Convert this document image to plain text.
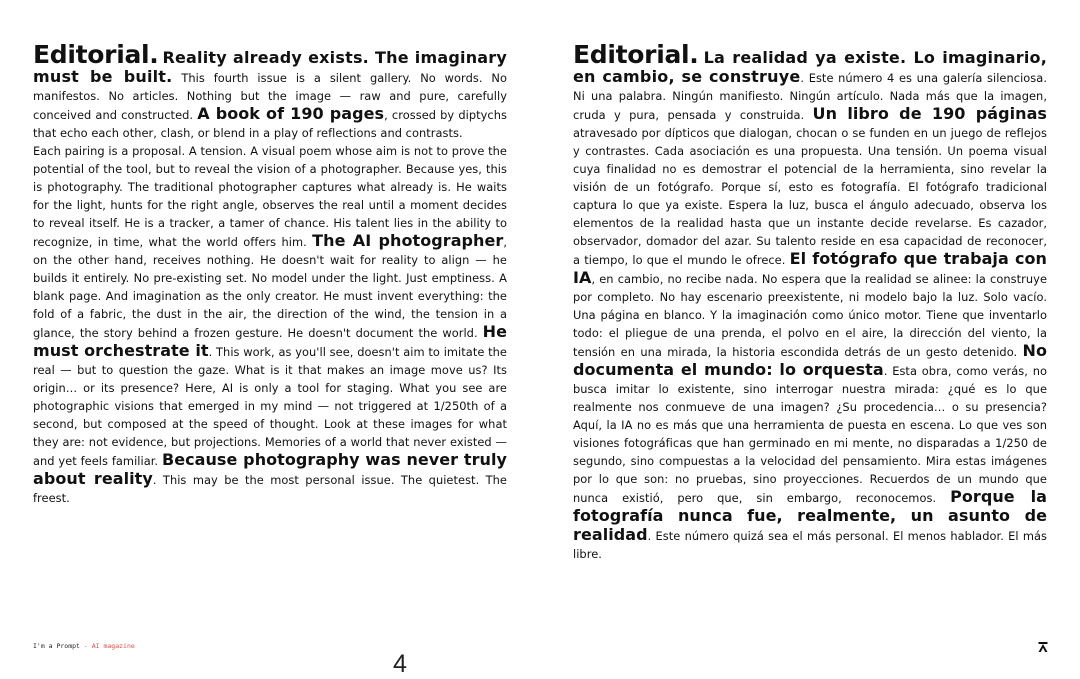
Editorial. Reality already exists. The imaginary must be built. This fourth issue is a silent gallery. No words. No manifestos. No articles. Nothing but the image — raw and pure, carefully conceived and constructed. A book of 190 pages, crossed by diptychs that echo each other, clash, or blend in a play of reflections and contrasts.

Each pairing is a proposal. A tension. A visual poem whose aim is not to prove the potential of the tool, but to reveal the vision of a photographer. Because yes, this is photography. The traditional photographer captures what already is. He waits for the light, hunts for the right angle, observes the real until a moment decides to reveal itself. He is a tracker, a tamer of chance. His talent lies in the ability to recognize, in time, what the world offers him. The AI photographer, on the other hand, receives nothing. He doesn't wait for reality to align — he builds it entirely. No pre-existing set. No model under the light. Just emptiness. A blank page. And imagination as the only creator. He must invent everything: the fold of a fabric, the dust in the air, the direction of the wind, the tension in a glance, the story behind a frozen gesture. He doesn't document the world. He must orchestrate it. This work, as you'll see, doesn't aim to imitate the real — but to question the gaze. What is it that makes an image move us? Its origin… or its presence? Here, AI is only a tool for staging. What you see are photographic visions that emerged in my mind — not triggered at 1/250th of a second, but composed at the speed of thought. Look at these images for what they are: not evidence, but projections. Memories of a world that never existed — and yet feels familiar. Because photography was never truly about reality. This may be the most personal issue. The quietest. The freest.

Editorial. La realidad ya existe. Lo imaginario, en cambio, se construye. Este número 4 es una galería silenciosa. Ni una palabra. Ningún manifiesto. Ningún artículo. Nada más que la imagen, cruda y pura, pensada y construida. Un libro de 190 páginas atravesado por dípticos que dialogan, chocan o se funden en un juego de reflejos y contrastes. Cada asociación es una propuesta. Una tensión. Un poema visual cuya finalidad no es demostrar el potencial de la herramienta, sino revelar la visión de un fotógrafo. Porque sí, esto es fotografía. El fotógrafo tradicional captura lo que ya existe. Espera la luz, busca el ángulo adecuado, observa los elementos de la realidad hasta que un instante decide revelarse. Es cazador, observador, domador del azar. Su talento reside en esa capacidad de reconocer, a tiempo, lo que el mundo le ofrece. El fotógrafo que trabaja con IA, en cambio, no recibe nada. No espera que la realidad se alinee: la construye por completo. No hay escenario preexistente, ni modelo bajo la luz. Solo vacío. Una página en blanco. Y la imaginación como único motor. Tiene que inventarlo todo: el pliegue de una prenda, el polvo en el aire, la dirección del viento, la tensión en una mirada, la historia escondida detrás de un gesto detenido. No documenta el mundo: lo orquesta. Esta obra, como verás, no busca imitar lo existente, sino interrogar nuestra mirada: ¿qué es lo que realmente nos conmueve de una imagen? ¿Su procedencia… o su presencia? Aquí, la IA no es más que una herramienta de puesta en escena. Lo que ves son visiones fotográficas que han germinado en mi mente, no disparadas a 1/250 de segundo, sino compuestas a la velocidad del pensamiento. Mira estas imágenes por lo que son: no pruebas, sino proyecciones. Recuerdos de un mundo que nunca existió, pero que, sin embargo, reconocemos. Porque la fotografía nunca fue, realmente, un asunto de realidad. Este número quizá sea el más personal. El menos hablador. El más libre.

I'm a Prompt - AI magazine
4
